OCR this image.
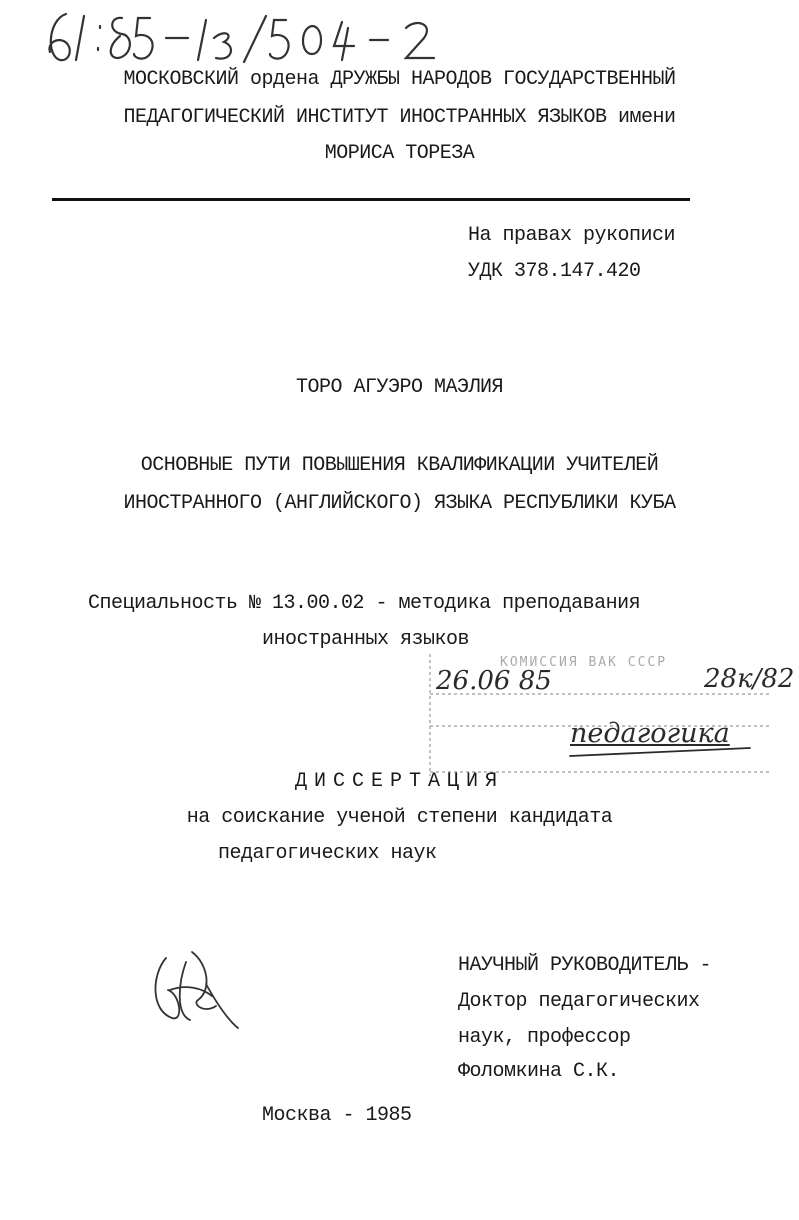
МОСКОВСКИЙ ордена ДРУЖБЫ НАРОДОВ ГОСУДАРСТВЕННЫЙ
ПЕДАГОГИЧЕСКИЙ ИНСТИТУТ ИНОСТРАННЫХ ЯЗЫКОВ имени
МОРИСА ТОРЕЗА
На правах рукописи
УДК 378.147.420
ТОРО АГУЭРО МАЭЛИЯ
ОСНОВНЫЕ ПУТИ ПОВЫШЕНИЯ КВАЛИФИКАЦИИ УЧИТЕЛЕЙ
ИНОСТРАННОГО (АНГЛИЙСКОГО) ЯЗЫКА РЕСПУБЛИКИ КУБА
Специальность № 13.00.02 - методика преподавания
иностранных языков
КОМИССИЯ ВАК СССР
26.06 85	28к/82
педагогика
ДИССЕРТАЦИЯ
на соискание ученой степени кандидата
педагогических наук
НАУЧНЫЙ РУКОВОДИТЕЛЬ -
Доктор педагогических
наук, профессор
Фоломкина С.К.
Москва - 1985
